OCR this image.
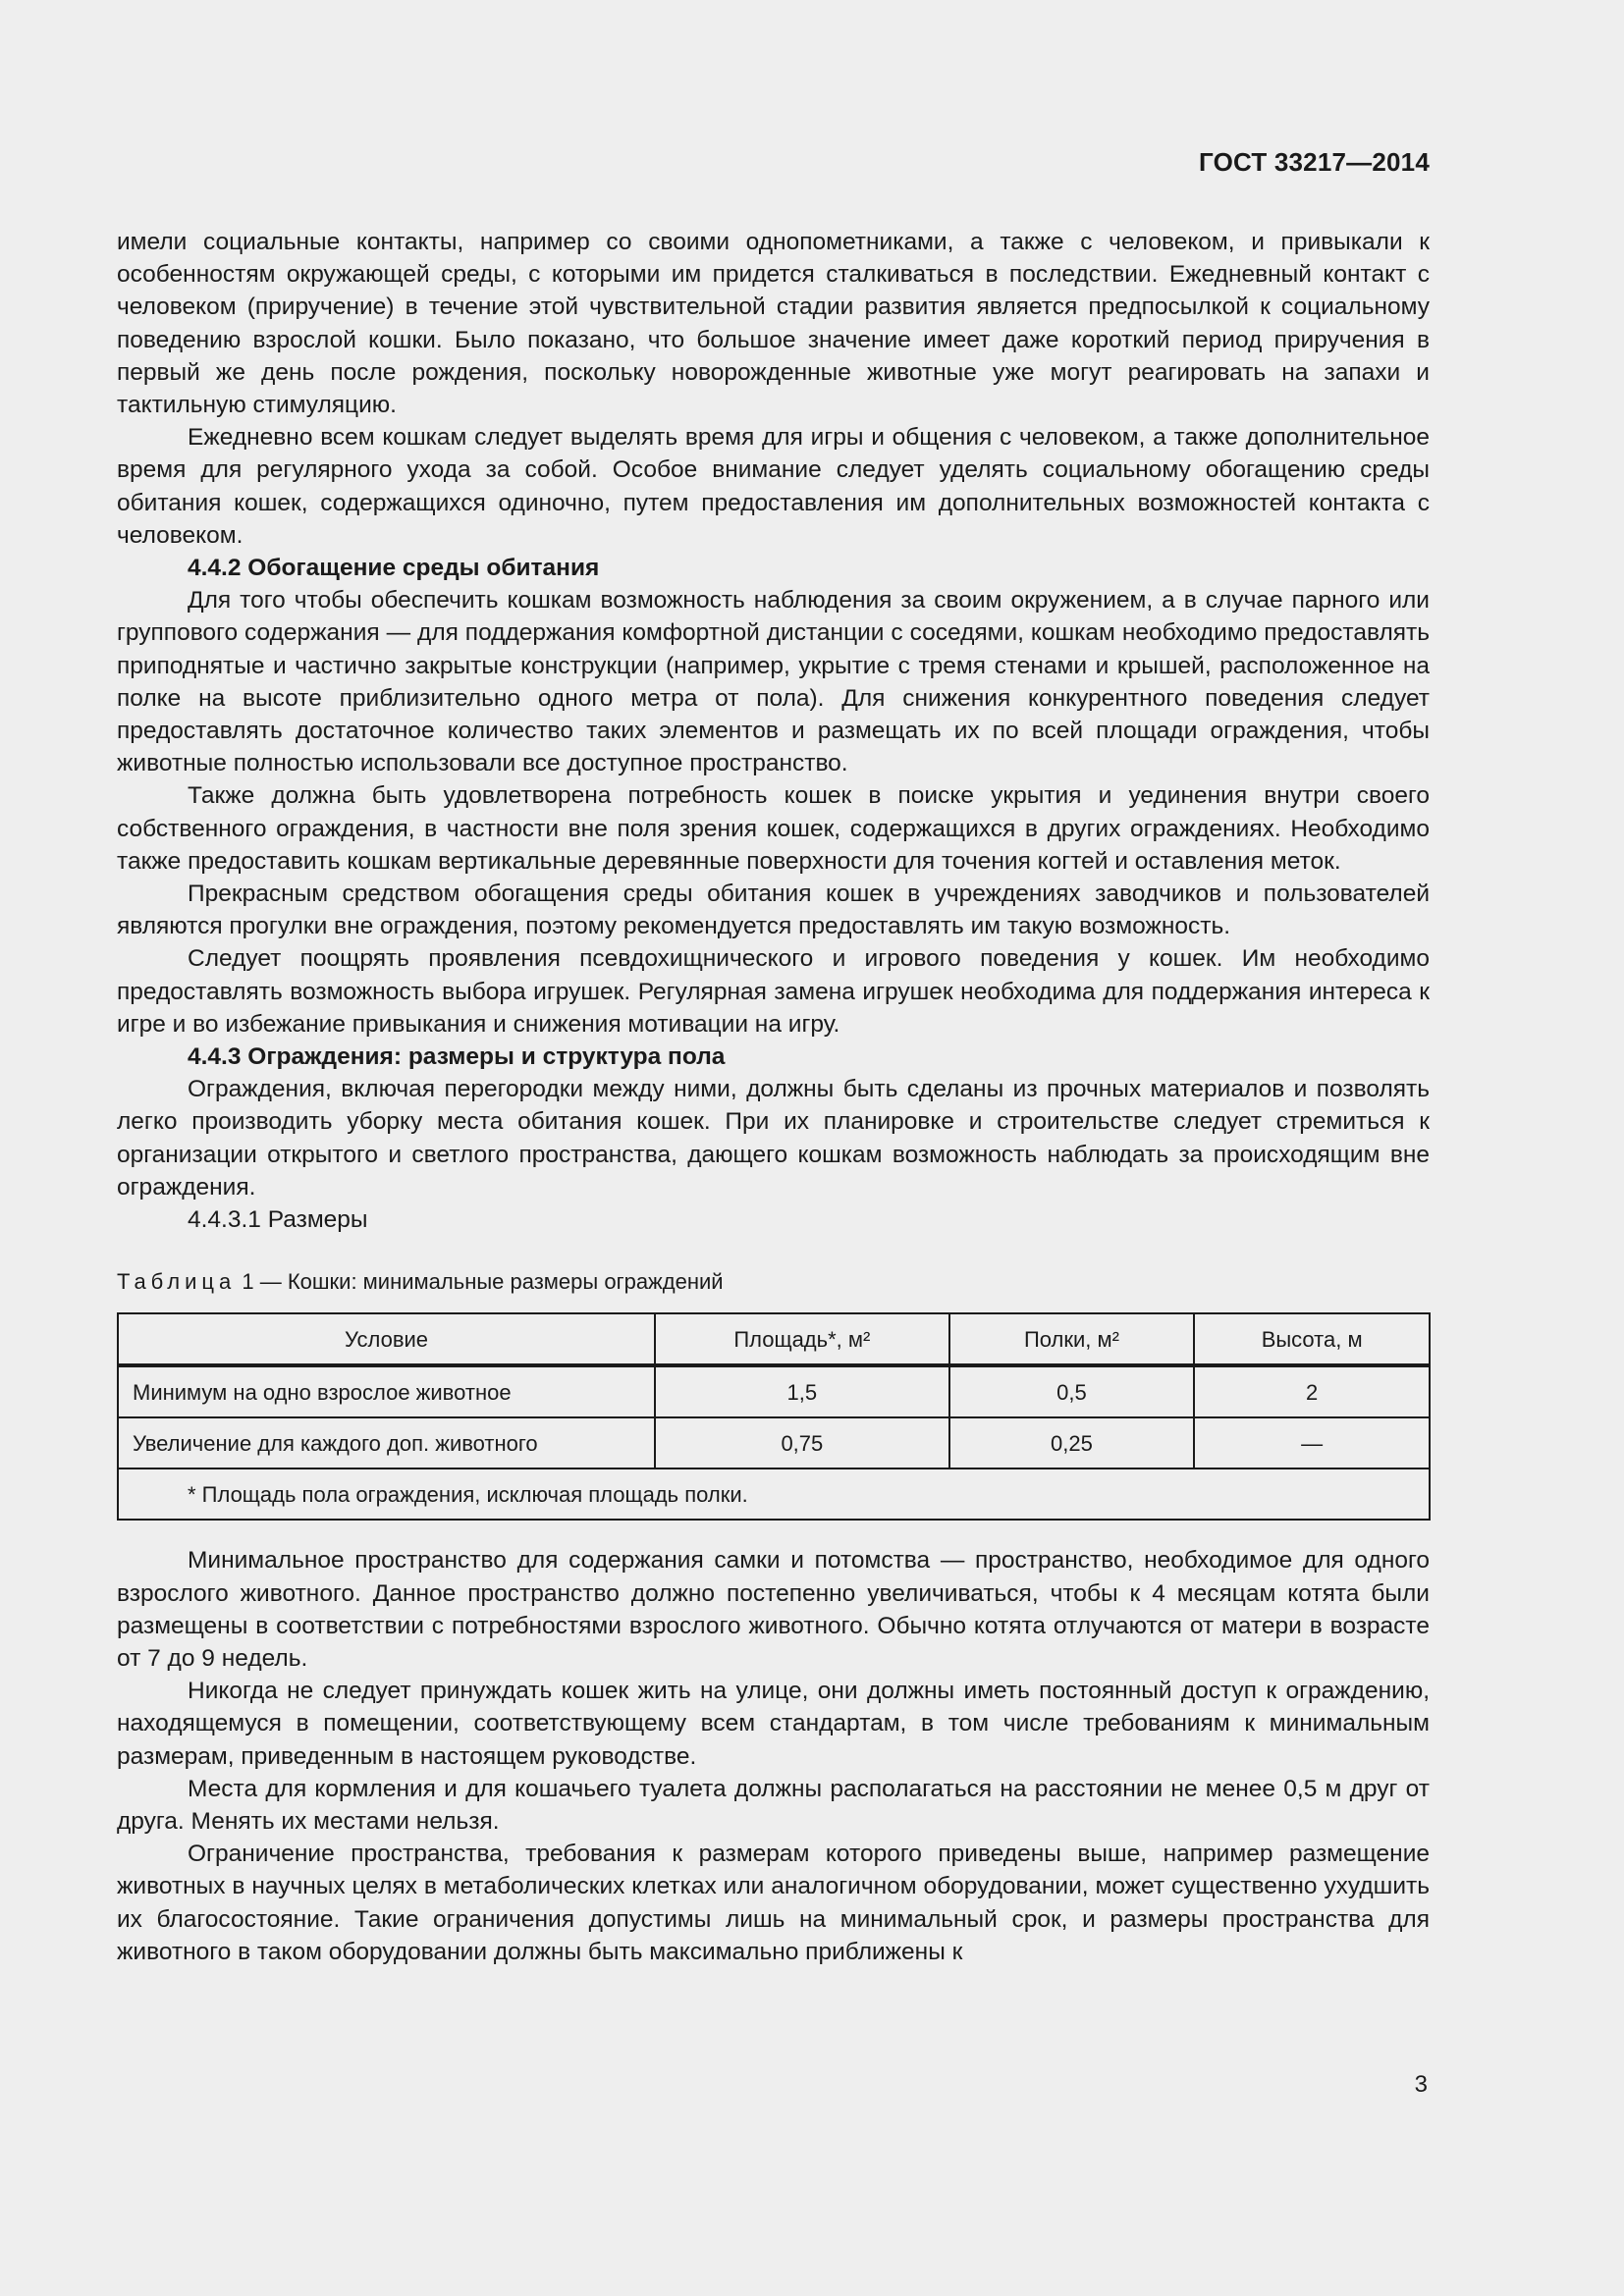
ГОСТ 33217—2014

имели социальные контакты, например со своими однопометниками, а также с человеком, и привыкали к особенностям окружающей среды, с которыми им придется сталкиваться в последствии. Ежедневный контакт с человеком (приручение) в течение этой чувствительной стадии развития является предпосылкой к социальному поведению взрослой кошки. Было показано, что большое значение имеет даже короткий период приручения в первый же день после рождения, поскольку новорожденные животные уже могут реагировать на запахи и тактильную стимуляцию.

Ежедневно всем кошкам следует выделять время для игры и общения с человеком, а также дополнительное время для регулярного ухода за собой. Особое внимание следует уделять социальному обогащению среды обитания кошек, содержащихся одиночно, путем предоставления им дополнительных возможностей контакта с человеком.

4.4.2 Обогащение среды обитания

Для того чтобы обеспечить кошкам возможность наблюдения за своим окружением, а в случае парного или группового содержания — для поддержания комфортной дистанции с соседями, кошкам необходимо предоставлять приподнятые и частично закрытые конструкции (например, укрытие с тремя стенами и крышей, расположенное на полке на высоте приблизительно одного метра от пола). Для снижения конкурентного поведения следует предоставлять достаточное количество таких элементов и размещать их по всей площади ограждения, чтобы животные полностью использовали все доступное пространство.

Также должна быть удовлетворена потребность кошек в поиске укрытия и уединения внутри своего собственного ограждения, в частности вне поля зрения кошек, содержащихся в других ограждениях. Необходимо также предоставить кошкам вертикальные деревянные поверхности для точения когтей и оставления меток.

Прекрасным средством обогащения среды обитания кошек в учреждениях заводчиков и пользователей являются прогулки вне ограждения, поэтому рекомендуется предоставлять им такую возможность.

Следует поощрять проявления псевдохищнического и игрового поведения у кошек. Им необходимо предоставлять возможность выбора игрушек. Регулярная замена игрушек необходима для поддержания интереса к игре и во избежание привыкания и снижения мотивации на игру.

4.4.3 Ограждения: размеры и структура пола

Ограждения, включая перегородки между ними, должны быть сделаны из прочных материалов и позволять легко производить уборку места обитания кошек. При их планировке и строительстве следует стремиться к организации открытого и светлого пространства, дающего кошкам возможность наблюдать за происходящим вне ограждения.

4.4.3.1 Размеры

Таблица 1 — Кошки: минимальные размеры ограждений
Условие	Площадь*, м²	Полки, м²	Высота, м
Минимум на одно взрослое животное	1,5	0,5	2
Увеличение для каждого доп. животного	0,75	0,25	—
* Площадь пола ограждения, исключая площадь полки.			

Минимальное пространство для содержания самки и потомства — пространство, необходимое для одного взрослого животного. Данное пространство должно постепенно увеличиваться, чтобы к 4 месяцам котята были размещены в соответствии с потребностями взрослого животного. Обычно котята отлучаются от матери в возрасте от 7 до 9 недель.

Никогда не следует принуждать кошек жить на улице, они должны иметь постоянный доступ к ограждению, находящемуся в помещении, соответствующему всем стандартам, в том числе требованиям к минимальным размерам, приведенным в настоящем руководстве.

Места для кормления и для кошачьего туалета должны располагаться на расстоянии не менее 0,5 м друг от друга. Менять их местами нельзя.

Ограничение пространства, требования к размерам которого приведены выше, например размещение животных в научных целях в метаболических клетках или аналогичном оборудовании, может существенно ухудшить их благосостояние. Такие ограничения допустимы лишь на минимальный срок, и размеры пространства для животного в таком оборудовании должны быть максимально приближены к

3
